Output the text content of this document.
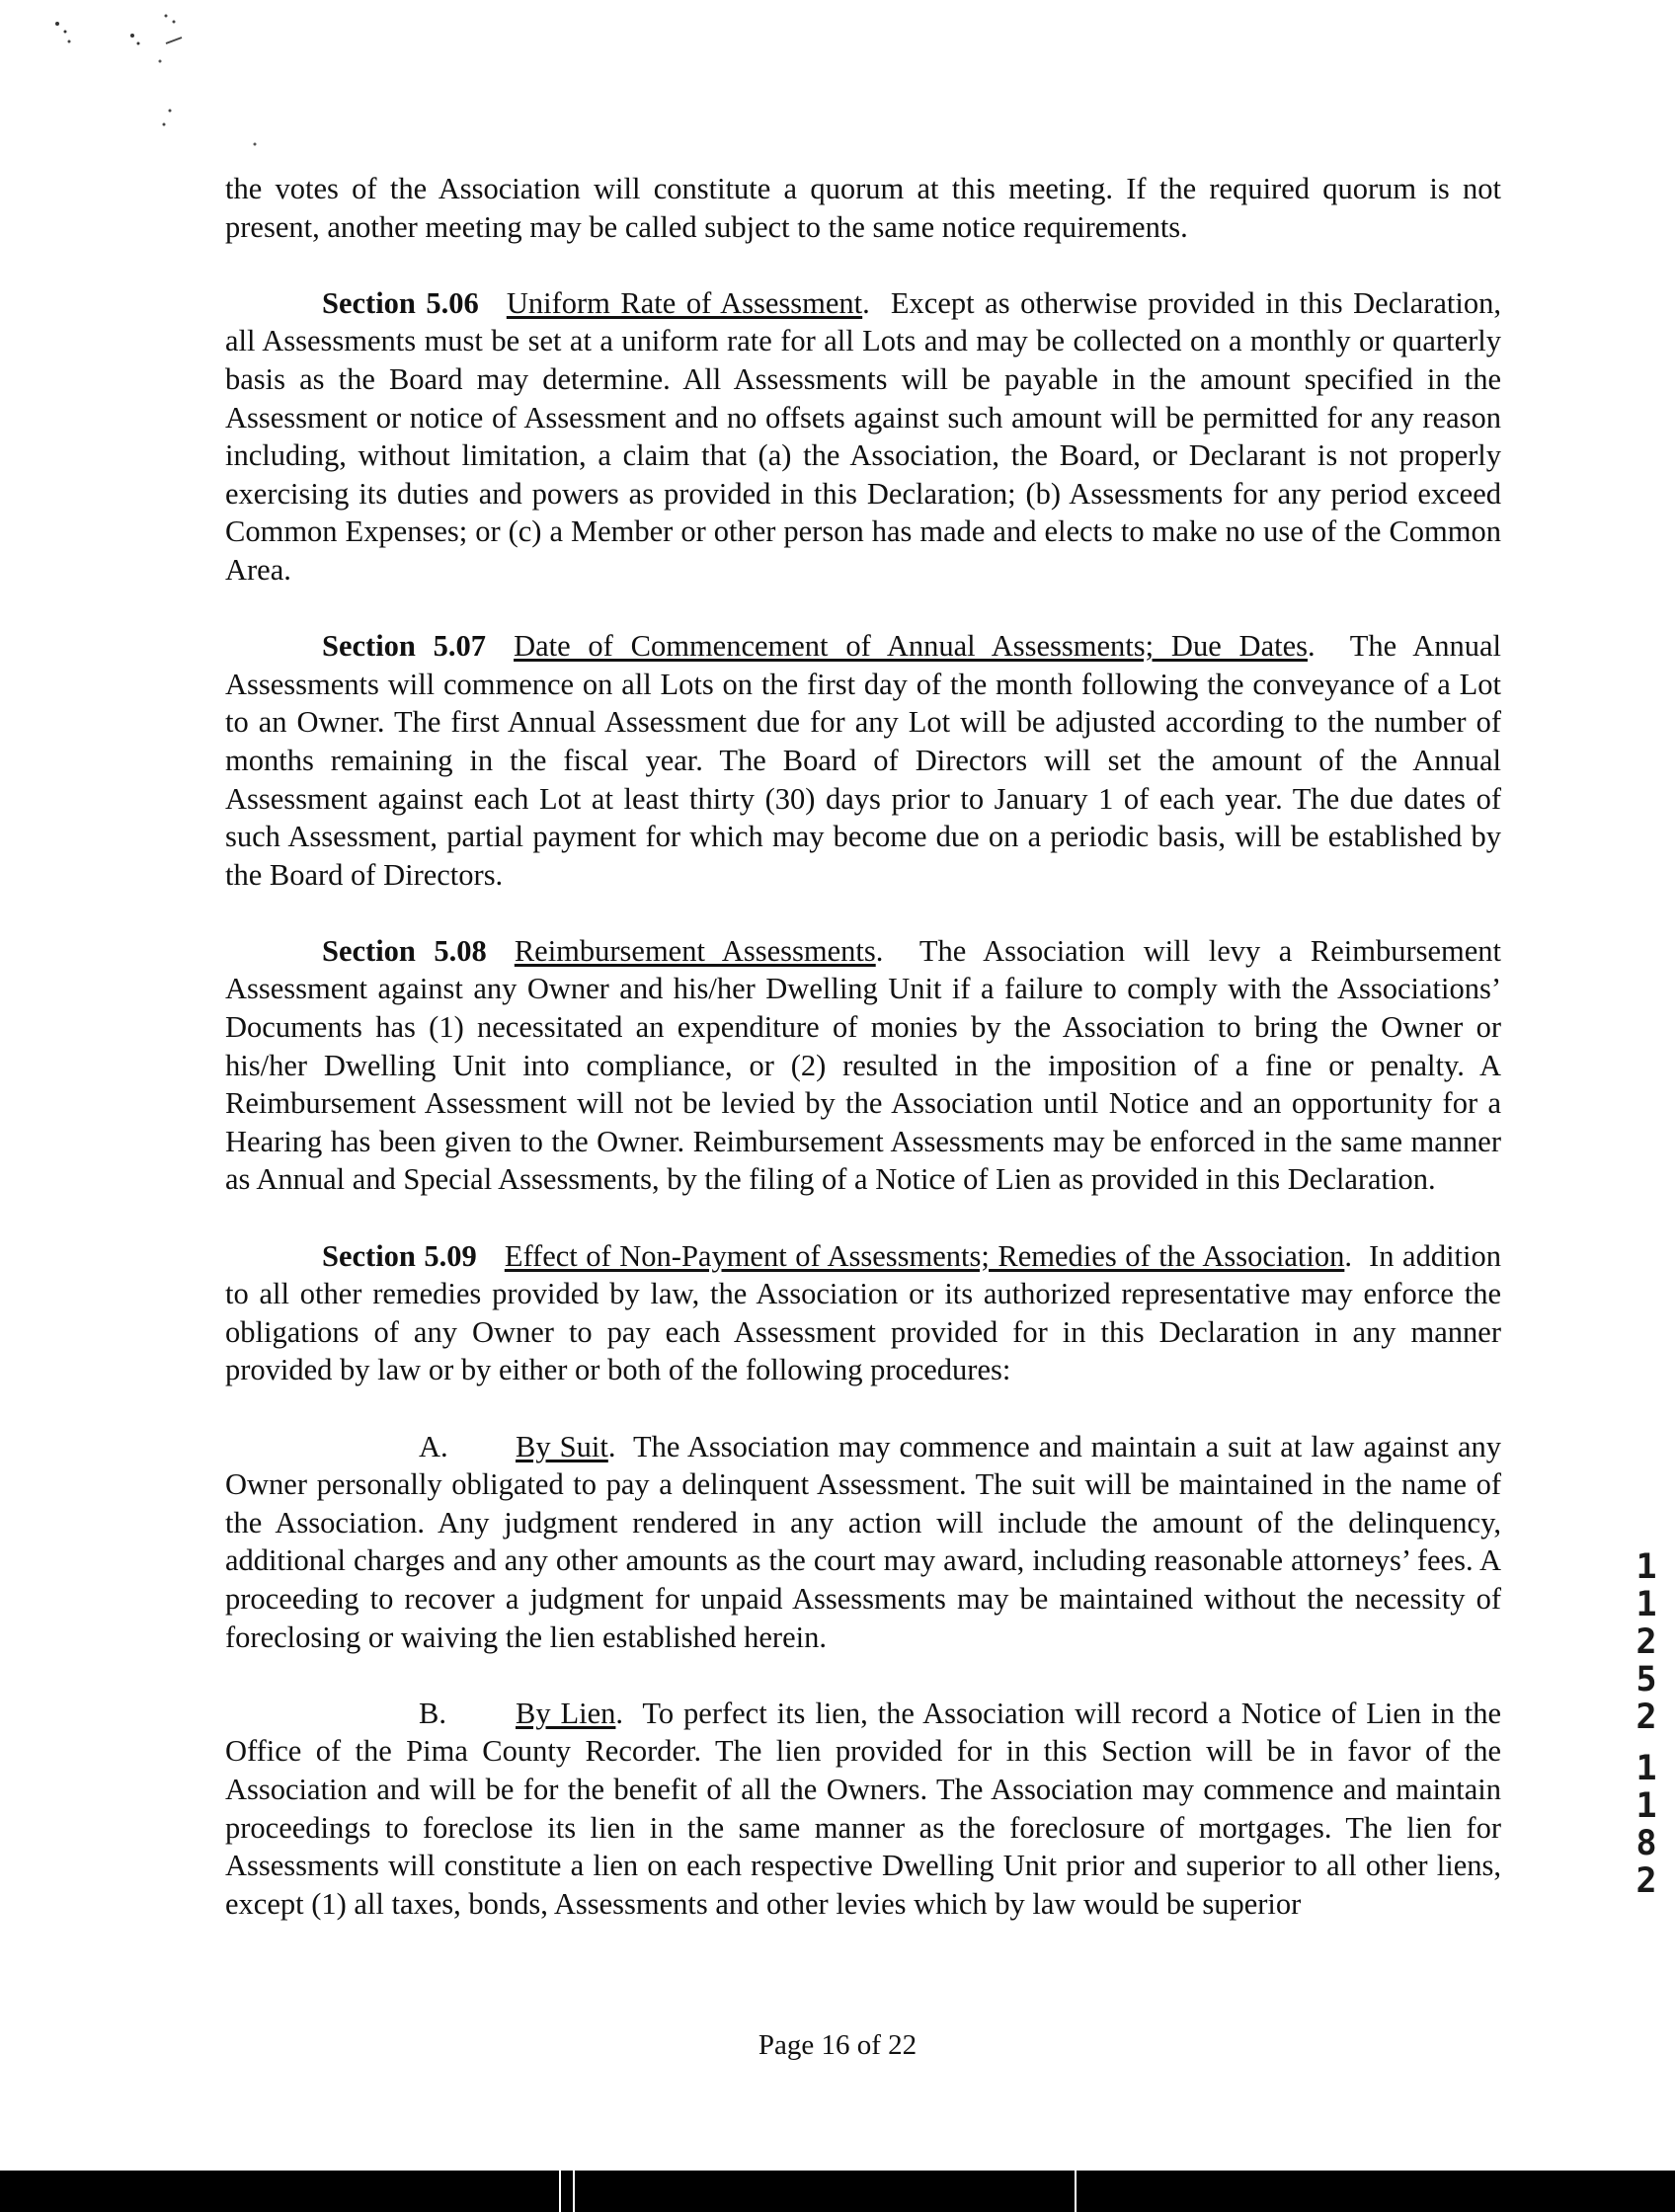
the votes of the Association will constitute a quorum at this meeting. If the required quorum is not present, another meeting may be called subject to the same notice requirements.

Section 5.06 Uniform Rate of Assessment.  Except as otherwise provided in this Declaration, all Assessments must be set at a uniform rate for all Lots and may be collected on a monthly or quarterly basis as the Board may determine. All Assessments will be payable in the amount specified in the Assessment or notice of Assessment and no offsets against such amount will be permitted for any reason including, without limitation, a claim that (a) the Association, the Board, or Declarant is not properly exercising its duties and powers as provided in this Declaration; (b) Assessments for any period exceed Common Expenses; or (c) a Member or other person has made and elects to make no use of the Common Area.

Section 5.07 Date of Commencement of Annual Assessments; Due Dates.  The Annual Assessments will commence on all Lots on the first day of the month following the conveyance of a Lot to an Owner. The first Annual Assessment due for any Lot will be adjusted according to the number of months remaining in the fiscal year. The Board of Directors will set the amount of the Annual Assessment against each Lot at least thirty (30) days prior to January 1 of each year. The due dates of such Assessment, partial payment for which may become due on a periodic basis, will be established by the Board of Directors.

Section 5.08 Reimbursement Assessments.  The Association will levy a Reimbursement Assessment against any Owner and his/her Dwelling Unit if a failure to comply with the Associations’ Documents has (1) necessitated an expenditure of monies by the Association to bring the Owner or his/her Dwelling Unit into compliance, or (2) resulted in the imposition of a fine or penalty. A Reimbursement Assessment will not be levied by the Association until Notice and an opportunity for a Hearing has been given to the Owner. Reimbursement Assessments may be enforced in the same manner as Annual and Special Assessments, by the filing of a Notice of Lien as provided in this Declaration.

Section 5.09 Effect of Non-Payment of Assessments; Remedies of the Association.  In addition to all other remedies provided by law, the Association or its authorized representative may enforce the obligations of any Owner to pay each Assessment provided for in this Declaration in any manner provided by law or by either or both of the following procedures:

A. By Suit.  The Association may commence and maintain a suit at law against any Owner personally obligated to pay a delinquent Assessment. The suit will be maintained in the name of the Association. Any judgment rendered in any action will include the amount of the delinquency, additional charges and any other amounts as the court may award, including reasonable attorneys’ fees. A proceeding to recover a judgment for unpaid Assessments may be maintained without the necessity of foreclosing or waiving the lien established herein.

B. By Lien.  To perfect its lien, the Association will record a Notice of Lien in the Office of the Pima County Recorder. The lien provided for in this Section will be in favor of the Association and will be for the benefit of all the Owners. The Association may commence and maintain proceedings to foreclose its lien in the same manner as the foreclosure of mortgages. The lien for Assessments will constitute a lien on each respective Dwelling Unit prior and superior to all other liens, except (1) all taxes, bonds, Assessments and other levies which by law would be superior

1
1
2
5
2
1
1
8
2
Page 16 of 22
